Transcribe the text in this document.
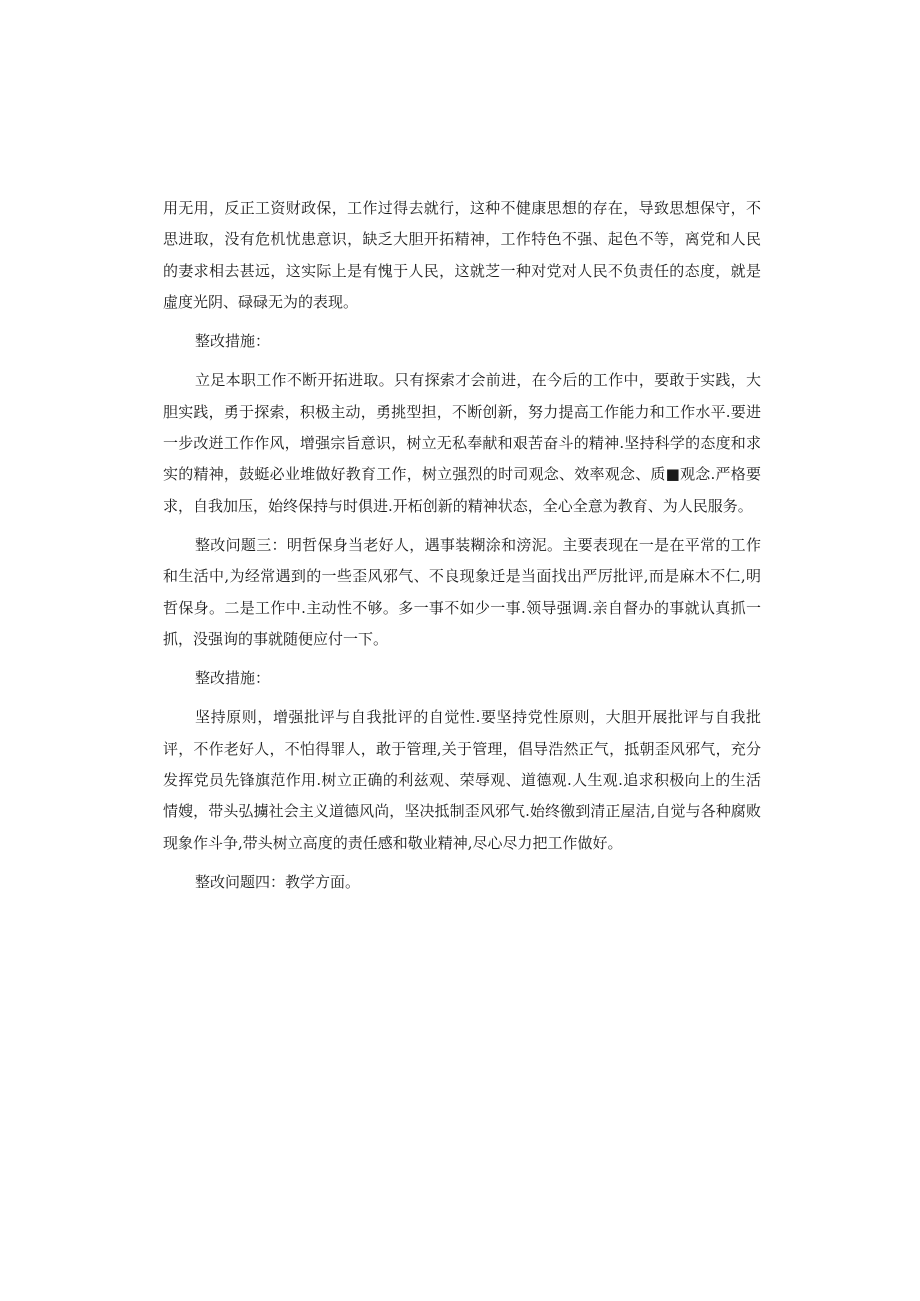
用无用，反正工资财政保，工作过得去就行，这种不健康思想的存在，导致思想保守，不思进取，没有危机忧患意识，缺乏大胆开拓精神，工作特色不强、起色不等，离党和人民的妻求相去甚远，这实际上是有愧于人民，这就芝一种对党对人民不负责任的态度，就是虛度光阴、碌碌无为的表现。

整改措施：

立足本职工作不断开拓进取。只有探索才会前进，在今后的工作中，要敢于实践，大胆实践，勇于探索，积极主动，勇挑型担，不断创新，努力提高工作能力和工作水平.要进一步改逬工作作风，增强宗旨意识，树立无私奉献和艰苦奋斗的精神.坚持科学的态度和求实的精神，鼓蜓必业堆做好教育工作，树立强烈的时司观念、效率观念、质■观念.严格要求，自我加压，始终保持与时俱进.开柘创新的精神状态，全心全意为教育、为人民服务。

整改问题三：明哲保身当老好人，遇事装糊涂和滂泥。主要表现在一是在平常的工作和生活中,为经常遇到的一些歪风邪气、不良现象迁是当面找出严厉批评,而是麻木不仁,明哲保身。二是工作中.主动性不够。多一事不如少一事.领导强调.亲自督办的事就认真抓一抓，没强询的事就随便应付一下。

整改措施：

坚持原则，增强批评与自我批评的自觉性.要坚持党性原则，大胆开展批评与自我批评，不作老好人，不怕得罪人，敢于管理,关于管理，倡导浩然正气，抵朝歪风邪气，充分发挥党员先锋旗范作用.树立正确的利兹观、荣辱观、道德观.人生观.追求积极向上的生活情嫂，带头弘擄社会主义道德风尚，坚决抵制歪风邪气.始终徼到清正屋洁,自觉与各种腐败现象作斗争,带头树立高度的责任感和敬业精神,尽心尽力把工作做好。

整改问题四：教学方面。
